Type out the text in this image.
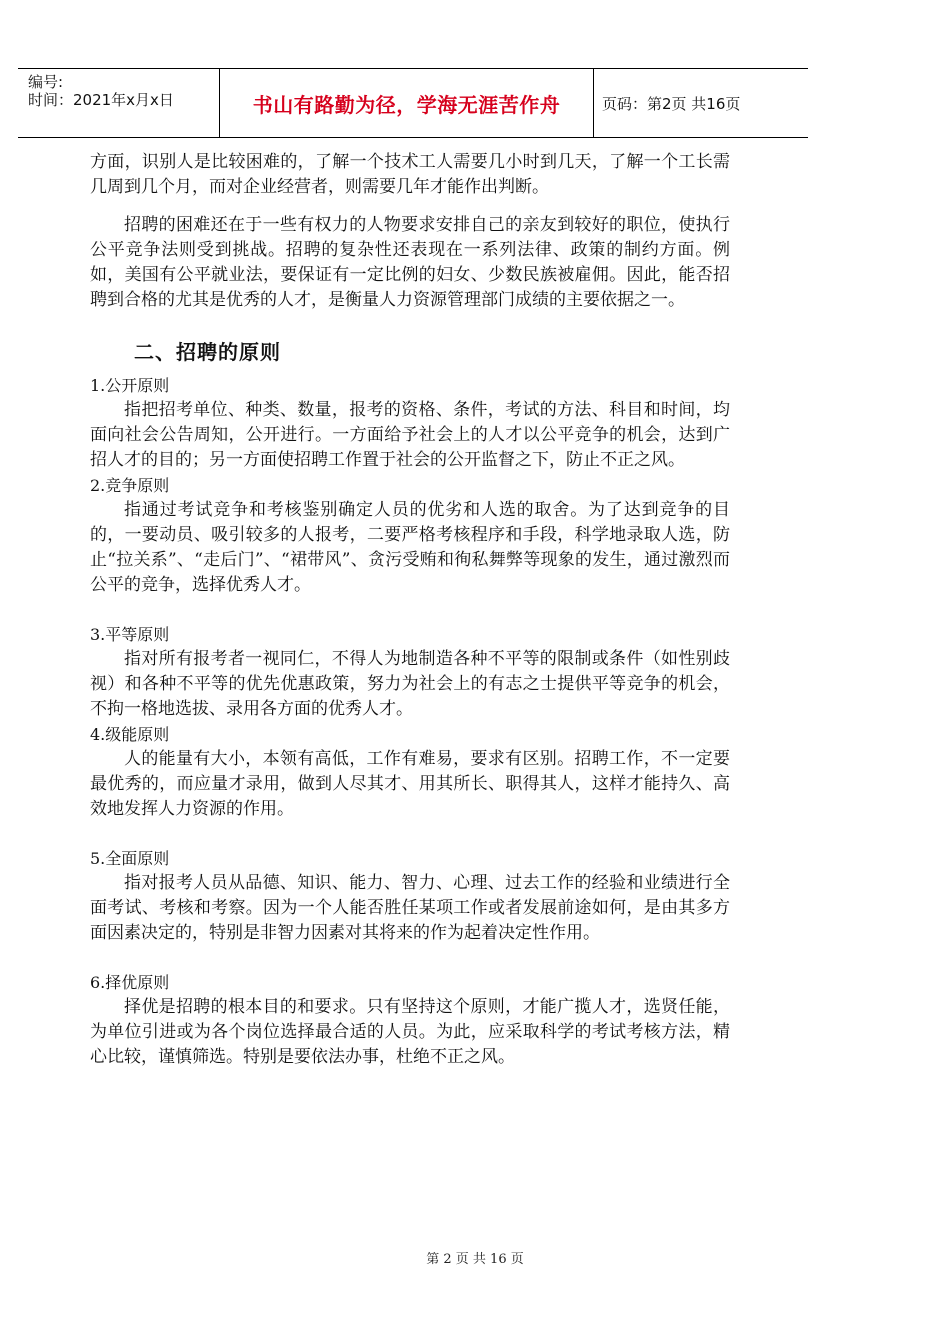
编号:
时间：2021年x月x日	书山有路勤为径，学海无涯苦作舟	页码：第2页 共16页

方面，识别人是比较困难的，了解一个技术工人需要几小时到几天，了解一个工长需几周到几个月，而对企业经营者，则需要几年才能作出判断。

招聘的困难还在于一些有权力的人物要求安排自己的亲友到较好的职位，使执行公平竞争法则受到挑战。招聘的复杂性还表现在一系列法律、政策的制约方面。例如，美国有公平就业法，要保证有一定比例的妇女、少数民族被雇佣。因此，能否招聘到合格的尤其是优秀的人才，是衡量人力资源管理部门成绩的主要依据之一。

二、招聘的原则

1.公开原则

指把招考单位、种类、数量，报考的资格、条件，考试的方法、科目和时间，均面向社会公告周知，公开进行。一方面给予社会上的人才以公平竞争的机会，达到广招人才的目的；另一方面使招聘工作置于社会的公开监督之下，防止不正之风。

2.竞争原则

指通过考试竞争和考核鉴别确定人员的优劣和人选的取舍。为了达到竞争的目的，一要动员、吸引较多的人报考，二要严格考核程序和手段，科学地录取人选，防止“拉关系”、“走后门”、“裙带风”、贪污受贿和徇私舞弊等现象的发生，通过激烈而公平的竞争，选择优秀人才。

3.平等原则

指对所有报考者一视同仁，不得人为地制造各种不平等的限制或条件（如性别歧视）和各种不平等的优先优惠政策，努力为社会上的有志之士提供平等竞争的机会，不拘一格地选拔、录用各方面的优秀人才。

4.级能原则

人的能量有大小，本领有高低，工作有难易，要求有区别。招聘工作，不一定要最优秀的，而应量才录用，做到人尽其才、用其所长、职得其人，这样才能持久、高效地发挥人力资源的作用。

5.全面原则

指对报考人员从品德、知识、能力、智力、心理、过去工作的经验和业绩进行全面考试、考核和考察。因为一个人能否胜任某项工作或者发展前途如何，是由其多方面因素决定的，特别是非智力因素对其将来的作为起着决定性作用。

6.择优原则

择优是招聘的根本目的和要求。只有坚持这个原则，才能广揽人才，选贤任能，为单位引进或为各个岗位选择最合适的人员。为此，应采取科学的考试考核方法，精心比较，谨慎筛选。特别是要依法办事，杜绝不正之风。

第 2 页 共 16 页
